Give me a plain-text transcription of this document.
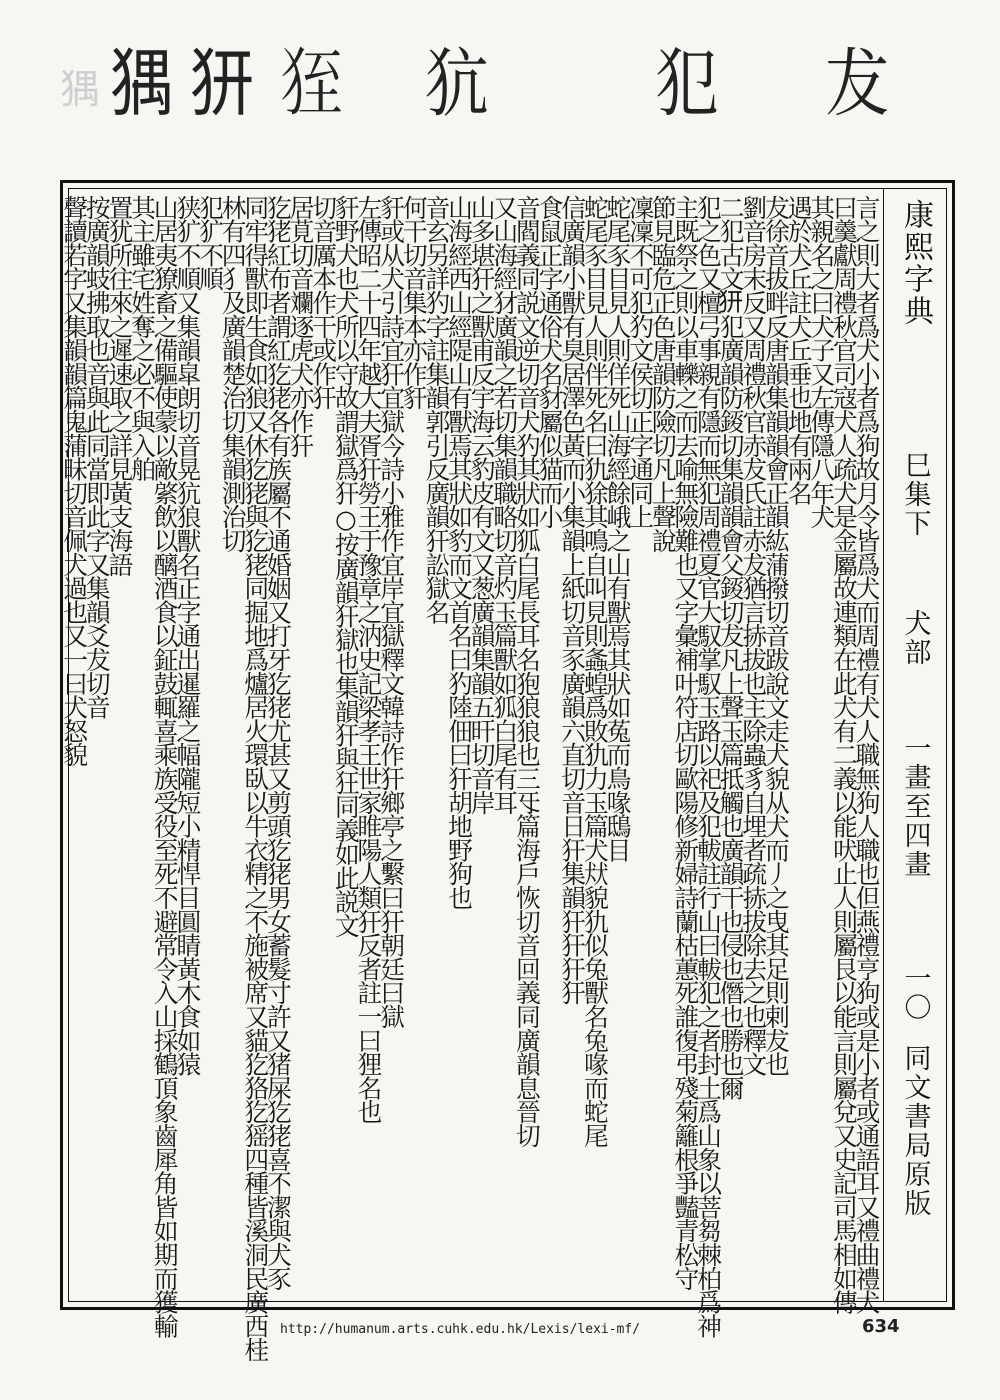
𤟹 𤟹 𤜵 𤞂 犺	犯 犮
言之則大者爲犬小者爲狗故月令皆爲犬而周禮有犬人職無狗人職也但燕禮亨狗或是小者或通語耳又禮曲禮犬
曰羹獻周禮秋官司寇犬人疏犬是金屬故連類在此犬有二義以能吠止人則屬艮以能言則屬兌又史記司馬相如傳
其親名之曰犬子又左傳隱八年犬
遇於犬丘註犬丘垂也地有兩名
犮徐音拔畔反唐韻集韻韻會正韻紘蒲撥切音跋說文走犬貌从犬而丿之曳其足則剌犮也
劉音房末反又周禮秋官赤犮氏註赤犮猶言捇拔也主除蟲豸自埋者疏捇拔除去之也釋文
二犯古文𤜵犯廣韻防錽切集韻韻會父錽切犮凡上聲玉篇抵觸也廣韻干也侵也僭也勝也爾
犯之色又檀弓事親有隱而無犯周禮夏官大馭掌馭玉路以祀及犯軷註行山曰軷犯之者封土爲山象以菩芻棘柏爲神
主既祭之則以車轢之而去喻無險難也又字彙補叶符店切歐陽修新婦詩蘭枯蕙死誰復弔殘菊籬根爭豔青松守
節見臨危正色唐韻防險切凡上聲說
凜凜不可犯犳文侯切正字通同上
蛇尾豕目見人則佯死山海經餘峨之山有獸焉其狀如菟而鳥喙鴟目
蛇尾豕目見人則伴死名曰犰狳其鳴自叫見則螽蝗爲敗犰力玉篇犬㹜貌犰似兔獸名兔喙而蛇尾
信廣韻小獸有臭居澤色黃而小集韻上紙切音豕廣韻六直切音日犴集韻犴犴犴犴
食鼠正字通俗犬名豺屬似猫而小
音閻義同説文逆切音犬犳其狀如狐白尾長耳名狍狼狼也三㸦篇海戶恢切音回義同廣韻息晉切
又山海經犲廣韻之若切集韻職略切音灼玉篇獸如狐白尾有耳
山多堪犴之獸甫反宇海云豹皮有文又葱廣韻集韻五旰切音岸
山海經西山經隄山有獸焉其狀如豹而文首名曰犳陸佃曰犴胡地野狗也
音玄另詳犳字註集韻郭引反廣韻犴訟獄名
何干切音集本亦作豻
豻或从犬引詩宜犴宜獄今詩小雅作宜岸宜獄釋文韓詩作犴鄉亭之繫曰犴朝廷曰獄
左傳昭二十四年越大夫胥犴勞王于豫章之汭史記梁孝王世家睢陽人類犴反者註一曰狸名也
豻野犬也犬所以守故謂獄爲犴○按廣韻犴獄也集韻犴與狂同義如此説文
切音厲本作干或作犴
居莧切音斕逐虎犬亦作犴
犵狫紅布者謂紅犵狫各有族屬不通婚姻又打牙犵狫尤甚又剪頭犵狫男女蓄髮寸許又猪屎犵狫喜不潔與犬豕
同牢得獸即生食如狼又休犵狫與犵狫同掘地爲爐居火環臥以牛衣精之不施被席又貓犵狢犵猺四種皆溪洞民廣西桂
林有四犭及廣韻楚治切集韻測治切
犯犷不順
狭犷不順又集韻皐朗切音晃犺狼獸名正字通出暹羅之幅隴短小精悍目圓睛黃木食如猿
山居夷獠畜之備驅使蒙以敵綮飲以醨酒食以鉦鼓輒喜乘族受役至死不避常令入山採鶴頂象齒犀角皆如期而獲輸
其主雖宅姓奪之必不與入舶
置犹所往來之遲速取之詳見黃支海語
按廣韻蚑拂取也音與此同當即此字又集韻爻犮切音
聲讀若字又集韻韻篇鬼蒲昧切音佩犬過也又一曰犬怒貌	康熙字典
巳集下
犬部
一畫至四畫
一〇
同文書局原版
http://humanum.arts.cuhk.edu.hk/Lexis/lexi-mf/	634
